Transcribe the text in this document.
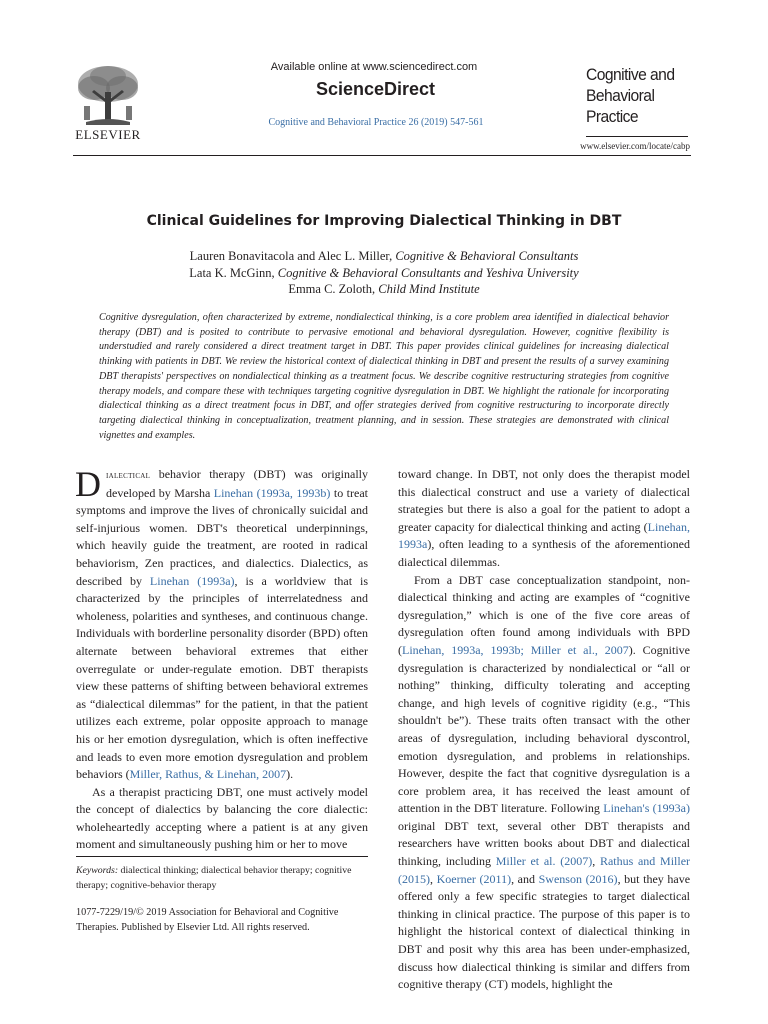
ELSEVIER
Available online at www.sciencedirect.com
ScienceDirect
Cognitive and Behavioral Practice 26 (2019) 547-561
Cognitive and
Behavioral
Practice
www.elsevier.com/locate/cabp
Clinical Guidelines for Improving Dialectical Thinking in DBT
Lauren Bonavitacola and Alec L. Miller, Cognitive & Behavioral Consultants
Lata K. McGinn, Cognitive & Behavioral Consultants and Yeshiva University
Emma C. Zoloth, Child Mind Institute
Cognitive dysregulation, often characterized by extreme, nondialectical thinking, is a core problem area identified in dialectical behavior therapy (DBT) and is posited to contribute to pervasive emotional and behavioral dysregulation. However, cognitive flexibility is understudied and rarely considered a direct treatment target in DBT. This paper provides clinical guidelines for increasing dialectical thinking with patients in DBT. We review the historical context of dialectical thinking in DBT and present the results of a survey examining DBT therapists' perspectives on nondialectical thinking as a treatment focus. We describe cognitive restructuring strategies from cognitive therapy models, and compare these with techniques targeting cognitive dysregulation in DBT. We highlight the rationale for incorporating dialectical thinking as a direct treatment focus in DBT, and offer strategies derived from cognitive restructuring to incorporate directly targeting dialectical thinking in conceptualization, treatment planning, and in session. These strategies are demonstrated with clinical vignettes and examples.

Dialectical behavior therapy (DBT) was originally developed by Marsha Linehan (1993a, 1993b) to treat symptoms and improve the lives of chronically suicidal and self-injurious women. DBT's theoretical underpinnings, which heavily guide the treatment, are rooted in radical behaviorism, Zen practices, and dialectics. Dialectics, as described by Linehan (1993a), is a worldview that is characterized by the principles of interrelatedness and wholeness, polarities and syntheses, and continuous change. Individuals with borderline personality disorder (BPD) often alternate between behavioral extremes that either overregulate or under-regulate emotion. DBT therapists view these patterns of shifting between behavioral extremes as “dialectical dilemmas” for the patient, in that the patient utilizes each extreme, polar opposite approach to manage his or her emotion dysregulation, which is often ineffective and leads to even more emotion dysregulation and problem behaviors (Miller, Rathus, & Linehan, 2007).

As a therapist practicing DBT, one must actively model the concept of dialectics by balancing the core dialectic: wholeheartedly accepting where a patient is at any given moment and simultaneously pushing him or her to move

Keywords: dialectical thinking; dialectical behavior therapy; cognitive therapy; cognitive-behavior therapy
1077-7229/19/© 2019 Association for Behavioral and Cognitive Therapies. Published by Elsevier Ltd. All rights reserved.

toward change. In DBT, not only does the therapist model this dialectical construct and use a variety of dialectical strategies but there is also a goal for the patient to adopt a greater capacity for dialectical thinking and acting (Linehan, 1993a), often leading to a synthesis of the aforementioned dialectical dilemmas.

From a DBT case conceptualization standpoint, non-dialectical thinking and acting are examples of “cognitive dysregulation,” which is one of the five core areas of dysregulation often found among individuals with BPD (Linehan, 1993a, 1993b; Miller et al., 2007). Cognitive dysregulation is characterized by nondialectical or “all or nothing” thinking, difficulty tolerating and accepting change, and high levels of cognitive rigidity (e.g., “This shouldn't be”). These traits often transact with the other areas of dysregulation, including behavioral dyscontrol, emotion dysregulation, and problems in relationships. However, despite the fact that cognitive dysregulation is a core problem area, it has received the least amount of attention in the DBT literature. Following Linehan's (1993a) original DBT text, several other DBT therapists and researchers have written books about DBT and dialectical thinking, including Miller et al. (2007), Rathus and Miller (2015), Koerner (2011), and Swenson (2016), but they have offered only a few specific strategies to target dialectical thinking in clinical practice. The purpose of this paper is to highlight the historical context of dialectical thinking in DBT and posit why this area has been under-emphasized, discuss how dialectical thinking is similar and differs from cognitive therapy (CT) models, highlight the
